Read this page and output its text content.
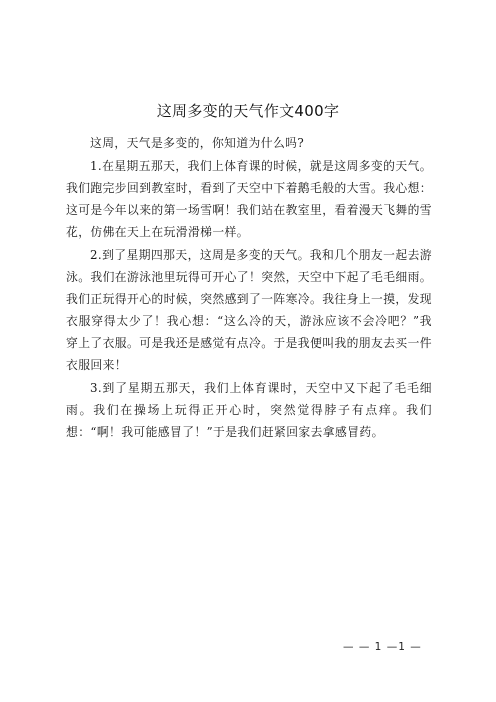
这周多变的天气作文400字

这周，天气是多变的，你知道为什么吗?

1.在星期五那天，我们上体育课的时候，就是这周多变的天气。我们跑完步回到教室时，看到了天空中下着鹅毛般的大雪。我心想：这可是今年以来的第一场雪啊！我们站在教室里，看着漫天飞舞的雪花，仿佛在天上在玩滑滑梯一样。

2.到了星期四那天，这周是多变的天气。我和几个朋友一起去游泳。我们在游泳池里玩得可开心了！突然，天空中下起了毛毛细雨。我们正玩得开心的时候，突然感到了一阵寒冷。我往身上一摸，发现衣服穿得太少了！我心想：“这么冷的天，游泳应该不会冷吧？”我穿上了衣服。可是我还是感觉有点冷。于是我便叫我的朋友去买一件衣服回来！

3.到了星期五那天，我们上体育课时，天空中又下起了毛毛细雨。我们在操场上玩得正开心时，突然觉得脖子有点痒。我们想：“啊！我可能感冒了！”于是我们赶紧回家去拿感冒药。

— — 1 —1 —
